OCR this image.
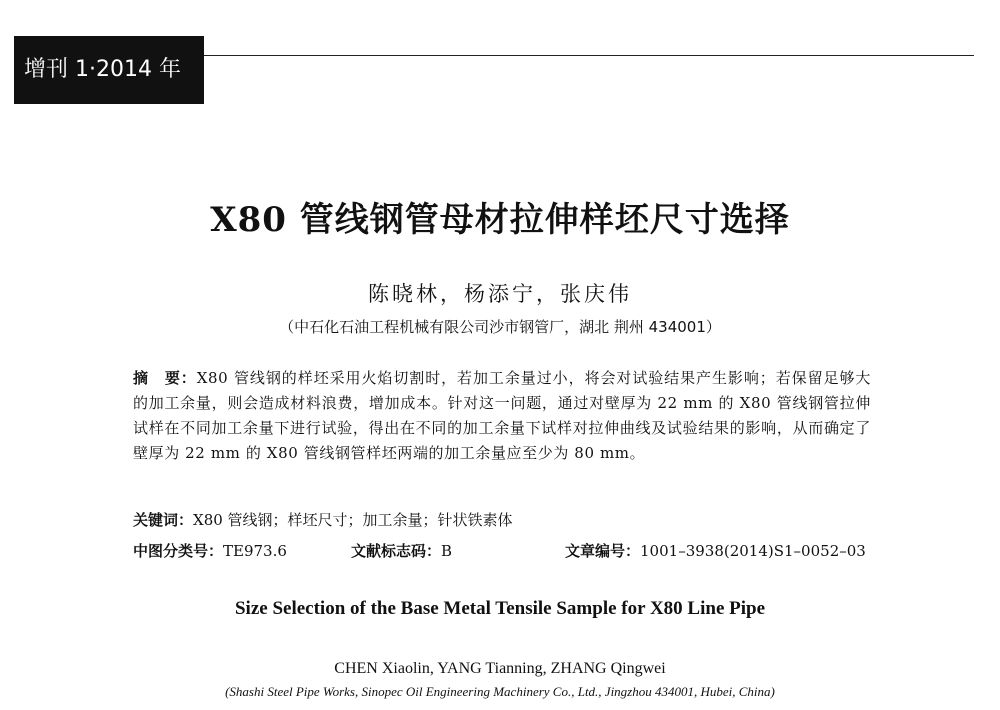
增刊 1·2014 年
X80 管线钢管母材拉伸样坯尺寸选择
陈晓林，杨添宁，张庆伟
（中石化石油工程机械有限公司沙市钢管厂，湖北 荆州 434001）

摘　要：X80 管线钢的样坯采用火焰切割时，若加工余量过小，将会对试验结果产生影响；若保留足够大的加工余量，则会造成材料浪费，增加成本。针对这一问题，通过对壁厚为 22 mm 的 X80 管线钢管拉伸试样在不同加工余量下进行试验，得出在不同的加工余量下试样对拉伸曲线及试验结果的影响，从而确定了壁厚为 22 mm 的 X80 管线钢管样坯两端的加工余量应至少为 80 mm。

关键词：X80 管线钢；样坯尺寸；加工余量；针状铁素体

中图分类号：TE973.6	文献标志码：B	文章编号：1001–3938(2014)S1–0052–03
Size Selection of the Base Metal Tensile Sample for X80 Line Pipe
CHEN Xiaolin, YANG Tianning, ZHANG Qingwei
(Shashi Steel Pipe Works, Sinopec Oil Engineering Machinery Co., Ltd., Jingzhou 434001, Hubei, China)
